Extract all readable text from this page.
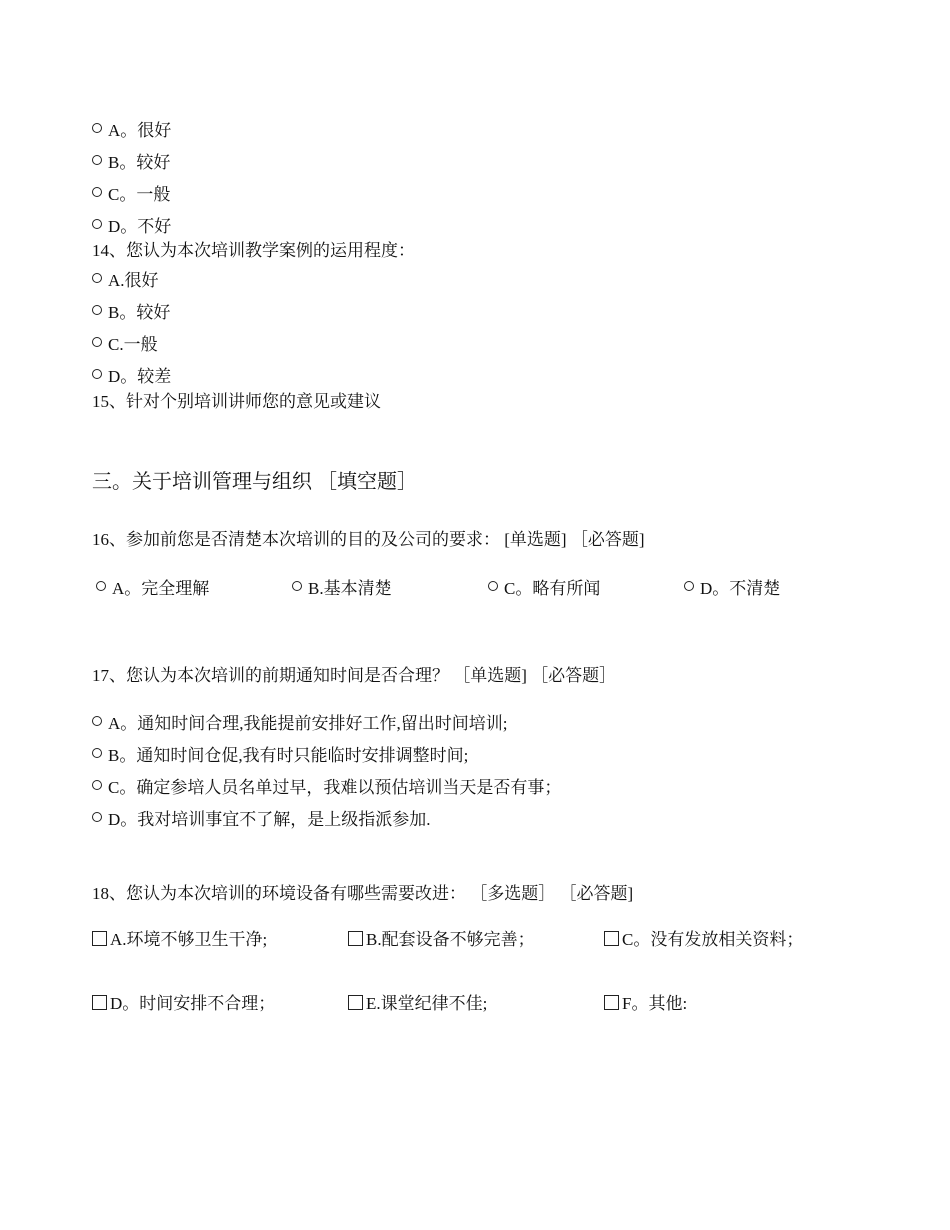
A。很好
B。较好
C。一般
D。不好
14、您认为本次培训教学案例的运用程度：
A.很好
B。较好
C.一般
D。较差
15、针对个别培训讲师您的意见或建议
三。关于培训管理与组织 ［填空题］
16、参加前您是否清楚本次培训的目的及公司的要求： [单选题] ［必答题]
A。完全理解	B.基本清楚	C。略有所闻	D。不清楚
17、您认为本次培训的前期通知时间是否合理？ ［单选题] ［必答题］
A。通知时间合理,我能提前安排好工作,留出时间培训;
B。通知时间仓促,我有时只能临时安排调整时间;
C。确定参培人员名单过早，我难以预估培训当天是否有事；
D。我对培训事宜不了解，是上级指派参加.
18、您认为本次培训的环境设备有哪些需要改进： ［多选题］ ［必答题]
A.环境不够卫生干净;	B.配套设备不够完善；	C。没有发放相关资料；
D。时间安排不合理；	E.课堂纪律不佳;	F。其他:
